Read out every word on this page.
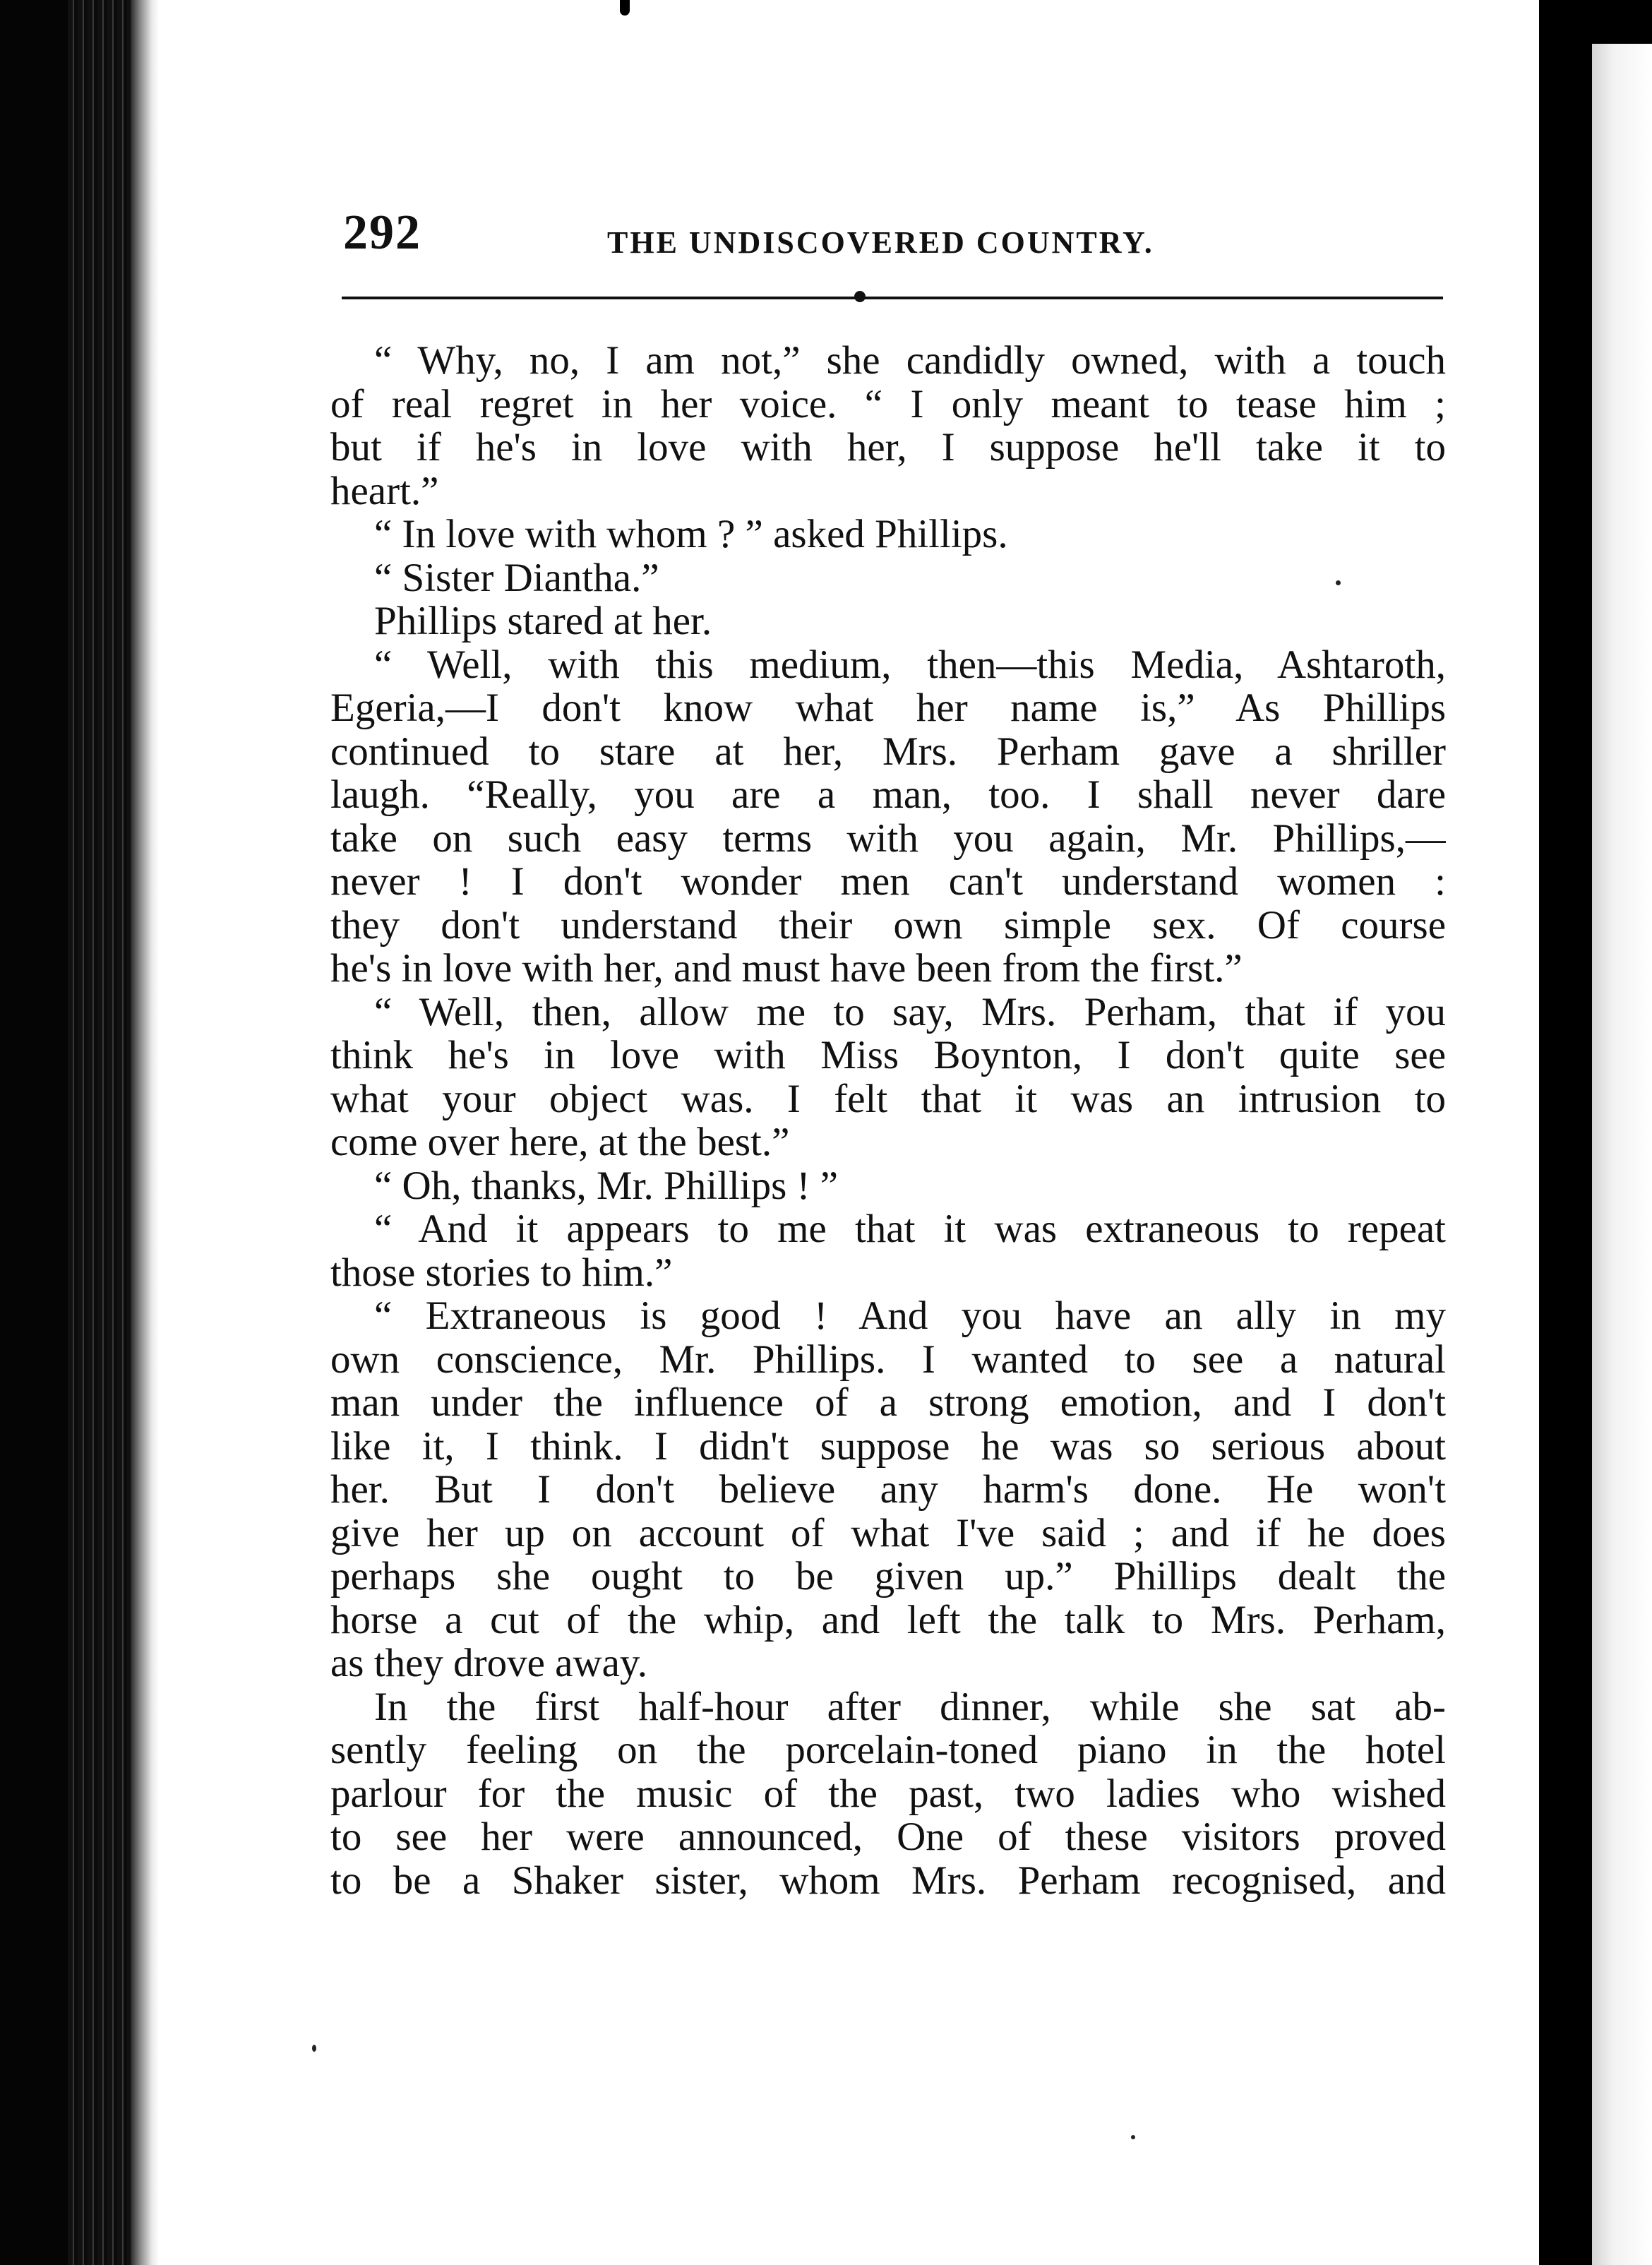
292	THE UNDISCOVERED COUNTRY.
“ Why, no, I am not,” she candidly owned, with a touch
of real regret in her voice. “ I only meant to tease him ;
but if he's in love with her, I suppose he'll take it to
heart.”
“ In love with whom ? ” asked Phillips.
“ Sister Diantha.”
Phillips stared at her.
“ Well, with this medium, then—this Media, Ashtaroth,
Egeria,—I don't know what her name is,” As Phillips
continued to stare at her, Mrs. Perham gave a shriller
laugh. “Really, you are a man, too. I shall never dare
take on such easy terms with you again, Mr. Phillips,—
never ! I don't wonder men can't understand women :
they don't understand their own simple sex. Of course
he's in love with her, and must have been from the first.”
“ Well, then, allow me to say, Mrs. Perham, that if you
think he's in love with Miss Boynton, I don't quite see
what your object was. I felt that it was an intrusion to
come over here, at the best.”
“ Oh, thanks, Mr. Phillips ! ”
“ And it appears to me that it was extraneous to repeat
those stories to him.”
“ Extraneous is good ! And you have an ally in my
own conscience, Mr. Phillips. I wanted to see a natural
man under the influence of a strong emotion, and I don't
like it, I think. I didn't suppose he was so serious about
her. But I don't believe any harm's done. He won't
give her up on account of what I've said ; and if he does
perhaps she ought to be given up.” Phillips dealt the
horse a cut of the whip, and left the talk to Mrs. Perham,
as they drove away.
In the first half-hour after dinner, while she sat ab-
sently feeling on the porcelain-toned piano in the hotel
parlour for the music of the past, two ladies who wished
to see her were announced, One of these visitors proved
to be a Shaker sister, whom Mrs. Perham recognised, and
